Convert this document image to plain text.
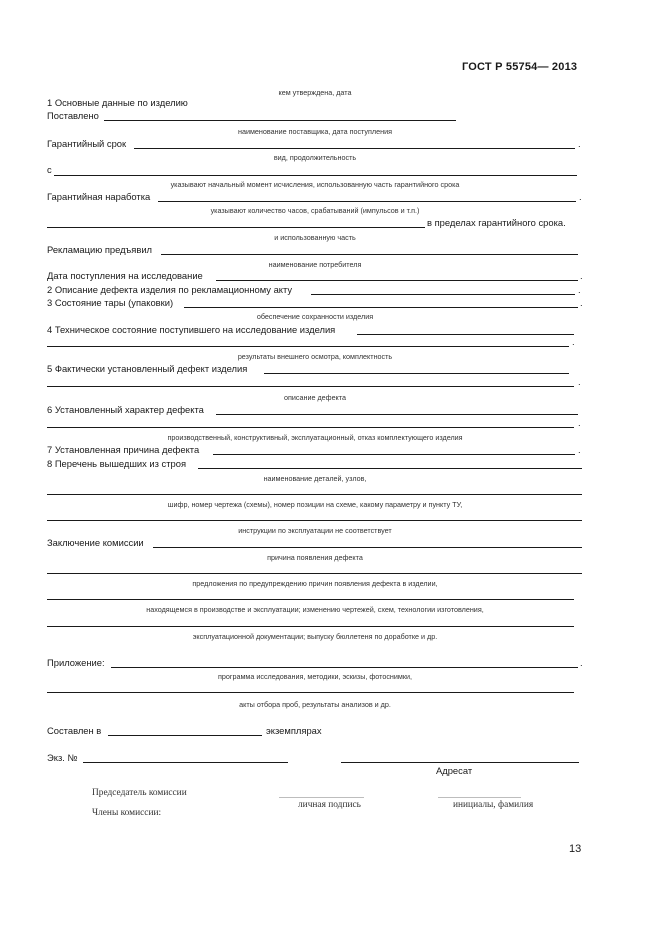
ГОСТ Р 55754— 2013
кем утверждена, дата
1 Основные данные по изделию
Поставлено
наименование поставщика, дата поступления
Гарантийный срок	.
вид, продолжительность
с
указывают начальный момент исчисления, использованную часть гарантийного срока
Гарантийная наработка	.
указывают количество часов, срабатываний (импульсов и т.п.)
в пределах гарантийного срока.
и использованную часть
Рекламацию предъявил
наименование потребителя
Дата поступления на исследование	.
2 Описание дефекта изделия по рекламационному акту	.
3 Состояние тары (упаковки)	.
обеспечение сохранности изделия
4 Техническое состояние поступившего на исследование изделия
.
результаты внешнего осмотра, комплектность
5 Фактически установленный дефект изделия
.
описание дефекта
6 Установленный характер дефекта
.
производственный, конструктивный, эксплуатационный, отказ комплектующего изделия
7 Установленная причина дефекта	.
8 Перечень вышедших из строя
наименование деталей, узлов,
шифр, номер чертежа (схемы), номер позиции на схеме, какому параметру и пункту ТУ,
инструкции по эксплуатации не соответствует
Заключение комиссии
причина появления дефекта
предложения по предупреждению причин появления дефекта в изделии,
находящемся в производстве и эксплуатации; изменению чертежей, схем, технологии изготовления,
эксплуатационной документации; выпуску бюллетеня по доработке и др.
Приложение:	.
программа исследования, методики, эскизы, фотоснимки,
акты отбора проб, результаты анализов и др.
Составлен в	экземплярах
Экз. №
Адресат
Председатель комиссии
личная подпись	инициалы, фамилия
Члены комиссии:
13
